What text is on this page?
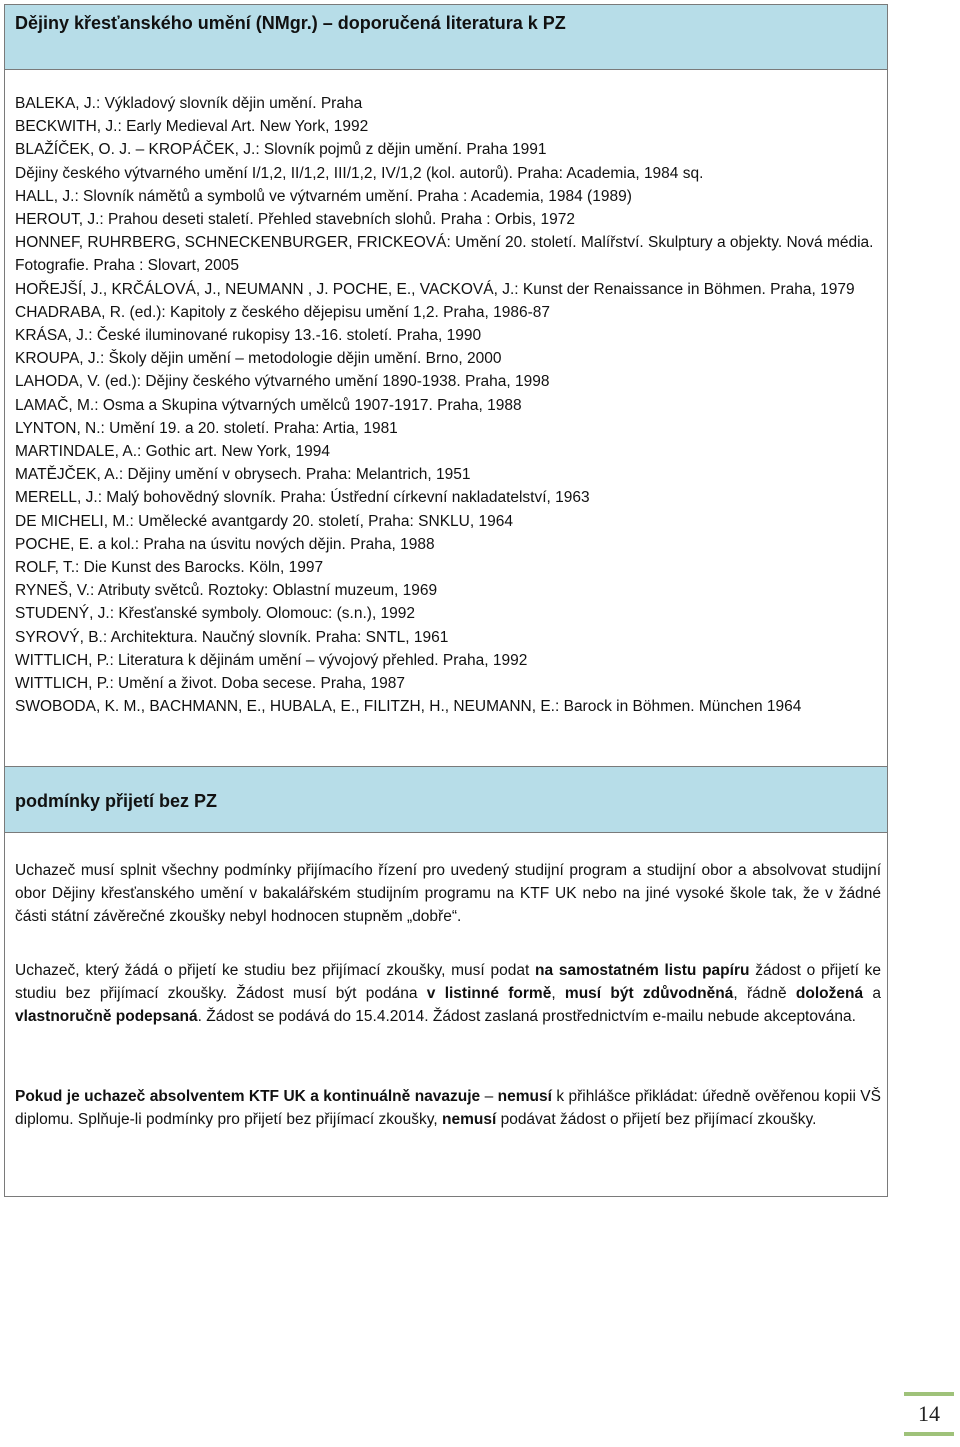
Dějiny křesťanského umění (NMgr.) – doporučená literatura k PZ
BALEKA, J.: Výkladový slovník dějin umění. Praha
BECKWITH, J.: Early Medieval Art. New York, 1992
BLAŽÍČEK, O. J. – KROPÁČEK, J.: Slovník pojmů z dějin umění. Praha 1991
Dějiny českého výtvarného umění I/1,2, II/1,2, III/1,2, IV/1,2 (kol. autorů). Praha: Academia, 1984 sq.
HALL, J.: Slovník námětů a symbolů ve výtvarném umění. Praha : Academia, 1984 (1989)
HEROUT, J.: Prahou deseti staletí. Přehled stavebních slohů. Praha : Orbis, 1972
HONNEF, RUHRBERG, SCHNECKENBURGER, FRICKEOVÁ: Umění 20. století. Malířství. Skulptury a objekty. Nová média. Fotografie. Praha : Slovart, 2005
HOŘEJŠÍ, J., KRČÁLOVÁ, J., NEUMANN , J. POCHE, E., VACKOVÁ, J.: Kunst der Renaissance in Böhmen. Praha, 1979
CHADRABA, R. (ed.): Kapitoly z českého dějepisu umění 1,2. Praha, 1986-87
KRÁSA, J.: České iluminované rukopisy 13.-16. století. Praha, 1990
KROUPA, J.: Školy dějin umění – metodologie dějin umění. Brno, 2000
LAHODA, V. (ed.): Dějiny českého výtvarného umění 1890-1938. Praha, 1998
LAMAČ, M.: Osma a Skupina výtvarných umělců 1907-1917. Praha, 1988
LYNTON, N.: Umění 19. a 20. století. Praha: Artia, 1981
MARTINDALE, A.: Gothic art. New York, 1994
MATĚJČEK, A.: Dějiny umění v obrysech. Praha: Melantrich, 1951
MERELL, J.: Malý bohovědný slovník. Praha: Ústřední církevní nakladatelství, 1963
DE MICHELI, M.: Umělecké avantgardy 20. století, Praha: SNKLU, 1964
POCHE, E. a kol.: Praha na úsvitu nových dějin. Praha, 1988
ROLF, T.: Die Kunst des Barocks. Köln, 1997
RYNEŠ, V.: Atributy světců. Roztoky: Oblastní muzeum, 1969
STUDENÝ, J.: Křesťanské symboly. Olomouc: (s.n.), 1992
SYROVÝ, B.: Architektura. Naučný slovník. Praha: SNTL, 1961
WITTLICH, P.: Literatura k dějinám umění – vývojový přehled. Praha, 1992
WITTLICH, P.: Umění a život. Doba secese. Praha, 1987
SWOBODA, K. M., BACHMANN, E., HUBALA, E., FILITZH, H., NEUMANN, E.: Barock in Böhmen. München 1964
podmínky přijetí bez PZ

Uchazeč musí splnit všechny podmínky přijímacího řízení pro uvedený studijní program a studijní obor a absolvovat studijní obor Dějiny křesťanského umění v bakalářském studijním programu na KTF UK nebo na jiné vysoké škole tak, že v žádné části státní závěrečné zkoušky nebyl hodnocen stupněm „dobře“.

Uchazeč, který žádá o přijetí ke studiu bez přijímací zkoušky, musí podat na samostatném listu papíru žádost o přijetí ke studiu bez přijímací zkoušky. Žádost musí být podána v listinné formě, musí být zdůvodněná, řádně doložená a vlastnoručně podepsaná. Žádost se podává do 15.4.2014. Žádost zaslaná prostřednictvím e-mailu nebude akceptována.

Pokud je uchazeč absolventem KTF UK a kontinuálně navazuje – nemusí k přihlášce přikládat: úředně ověřenou kopii VŠ diplomu. Splňuje-li podmínky pro přijetí bez přijímací zkoušky, nemusí podávat žádost o přijetí bez přijímací zkoušky.

14
